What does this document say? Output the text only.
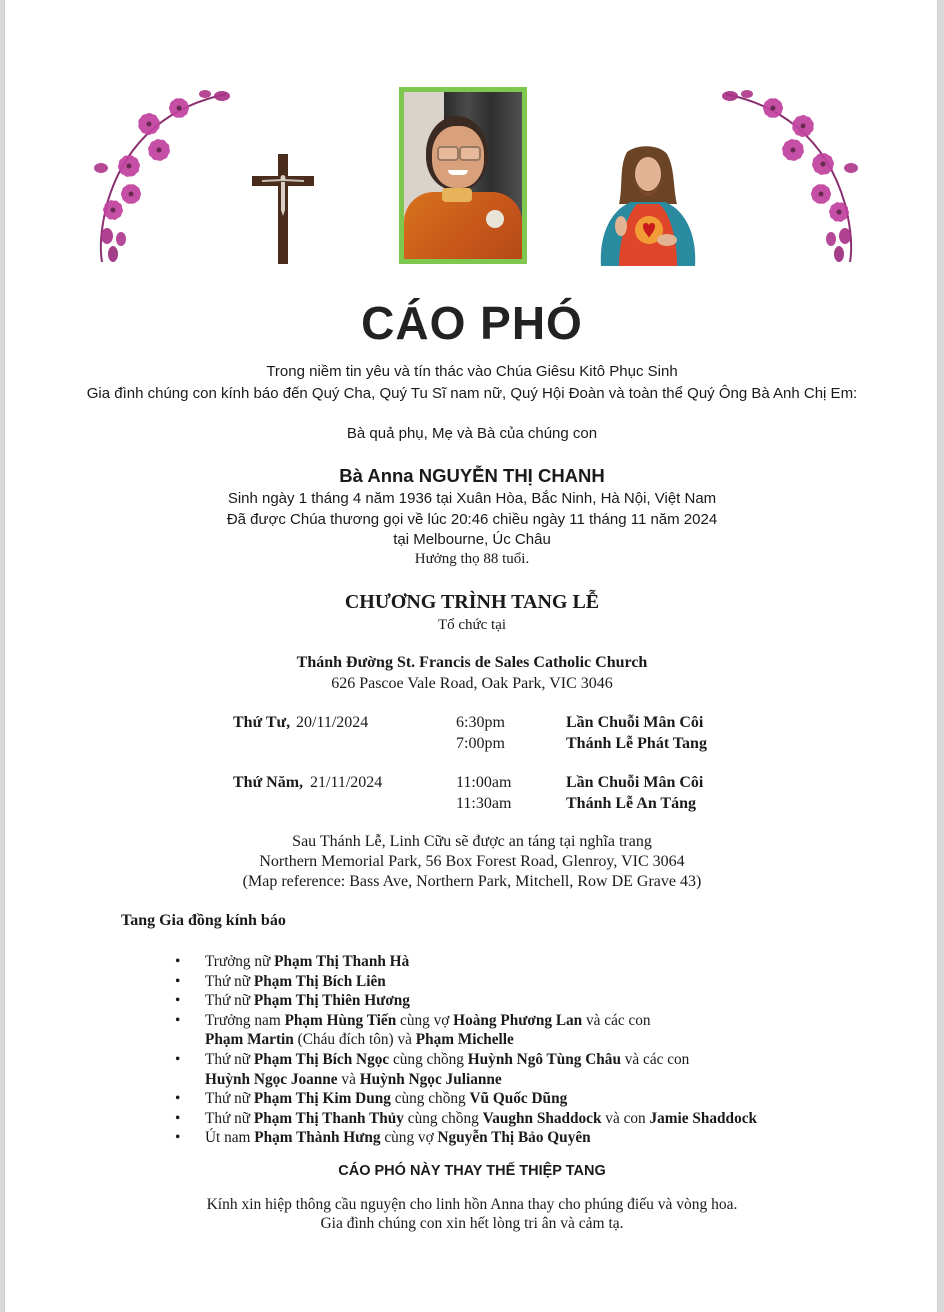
CÁO PHÓ
Trong niềm tin yêu và tín thác vào Chúa Giêsu Kitô Phục Sinh
Gia đình chúng con kính báo đến Quý Cha, Quý Tu Sĩ nam nữ, Quý Hội Đoàn và toàn thể Quý Ông Bà Anh Chị Em:
Bà quả phụ, Mẹ và Bà của chúng con
Bà Anna NGUYỄN THỊ CHANH
Sinh ngày 1 tháng 4 năm 1936 tại Xuân Hòa, Bắc Ninh, Hà Nội, Việt Nam
Đã được Chúa thương gọi về lúc 20:46 chiều ngày 11 tháng 11 năm 2024
tại Melbourne, Úc Châu
Hưởng thọ 88 tuổi.
CHƯƠNG TRÌNH TANG LỄ
Tổ chức tại
Thánh Đường St. Francis de Sales Catholic Church
626 Pascoe Vale Road, Oak Park, VIC 3046
Thứ Tư, 20/11/2024	6:30pm	Lần Chuỗi Mân Côi
7:00pm	Thánh Lễ Phát Tang
Thứ Năm, 21/11/2024	11:00am	Lần Chuỗi Mân Côi
11:30am	Thánh Lễ An Táng
Sau Thánh Lễ, Linh Cữu sẽ được an táng tại nghĩa trang
Northern Memorial Park, 56 Box Forest Road, Glenroy, VIC 3064
(Map reference: Bass Ave, Northern Park, Mitchell, Row DE Grave 43)
Tang Gia đồng kính báo
• Trưởng nữ Phạm Thị Thanh Hà
• Thứ nữ Phạm Thị Bích Liên
• Thứ nữ Phạm Thị Thiên Hương
• Trưởng nam Phạm Hùng Tiến cùng vợ Hoàng Phương Lan và các con
Phạm Martin (Cháu đích tôn) và Phạm Michelle
• Thứ nữ Phạm Thị Bích Ngọc cùng chồng Huỳnh Ngô Tùng Châu và các con
Huỳnh Ngọc Joanne và Huỳnh Ngọc Julianne
• Thứ nữ Phạm Thị Kim Dung cùng chồng Vũ Quốc Dũng
• Thứ nữ Phạm Thị Thanh Thủy cùng chồng Vaughn Shaddock và con Jamie Shaddock
• Út nam Phạm Thành Hưng cùng vợ Nguyễn Thị Bảo Quyên
CÁO PHÓ NÀY THAY THẾ THIỆP TANG
Kính xin hiệp thông cầu nguyện cho linh hồn Anna thay cho phúng điếu và vòng hoa.
Gia đình chúng con xin hết lòng tri ân và cảm tạ.
